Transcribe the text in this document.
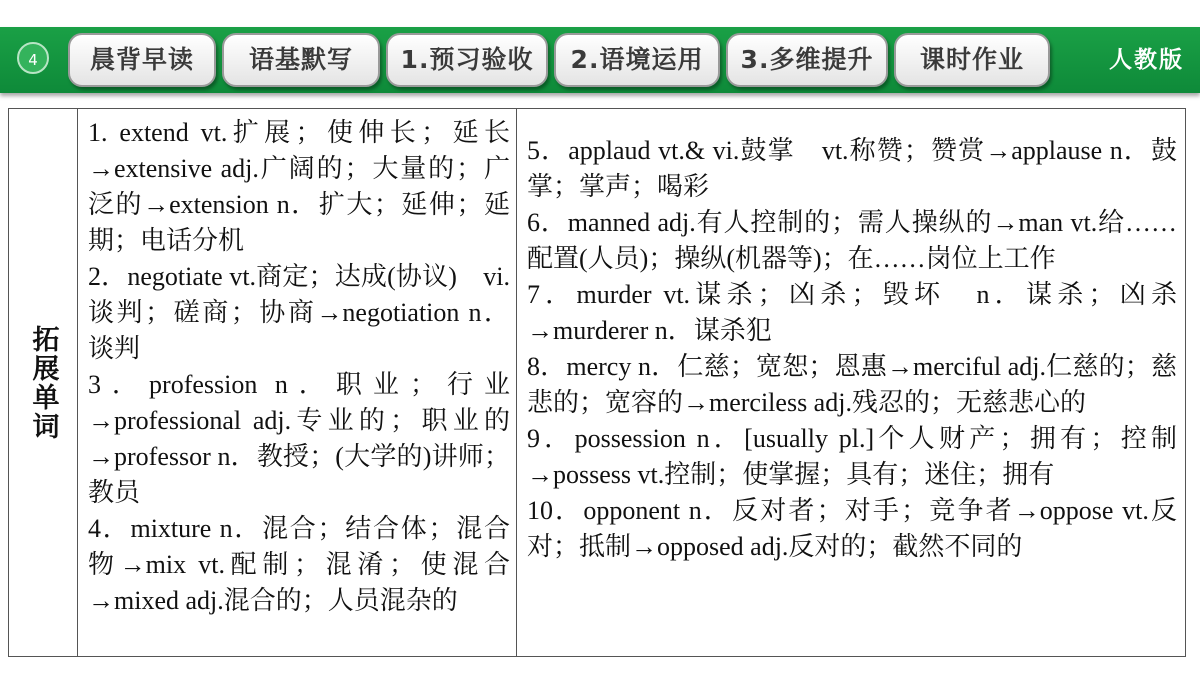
4	晨背早读	语基默写	1.预习验收	2.语境运用	3.多维提升	课时作业	人教版
拓展单词

1. extend vt.扩展；使伸长；延长→extensive adj.广阔的；大量的；广泛的→extension n．扩大；延伸；延期；电话分机

2．negotiate vt.商定；达成(协议)　vi.谈判；磋商；协商→negotiation n．谈判

3．profession n．职业；行业→professional adj.专业的；职业的→professor n．教授；(大学的)讲师；教员

4．mixture n．混合；结合体；混合物→mix vt.配制；混淆；使混合→mixed adj.混合的；人员混杂的

5．applaud vt.& vi.鼓掌　vt.称赞；赞赏→applause n．鼓掌；掌声；喝彩

6．manned adj.有人控制的；需人操纵的→man vt.给……配置(人员)；操纵(机器等)；在……岗位上工作

7．murder vt.谋杀；凶杀；毁坏　n．谋杀；凶杀→murderer n．谋杀犯

8．mercy n．仁慈；宽恕；恩惠→merciful adj.仁慈的；慈悲的；宽容的→merciless adj.残忍的；无慈悲心的

9．possession n．[usually pl.]个人财产；拥有；控制→possess vt.控制；使掌握；具有；迷住；拥有

10．opponent n．反对者；对手；竞争者→oppose vt.反对；抵制→opposed adj.反对的；截然不同的
